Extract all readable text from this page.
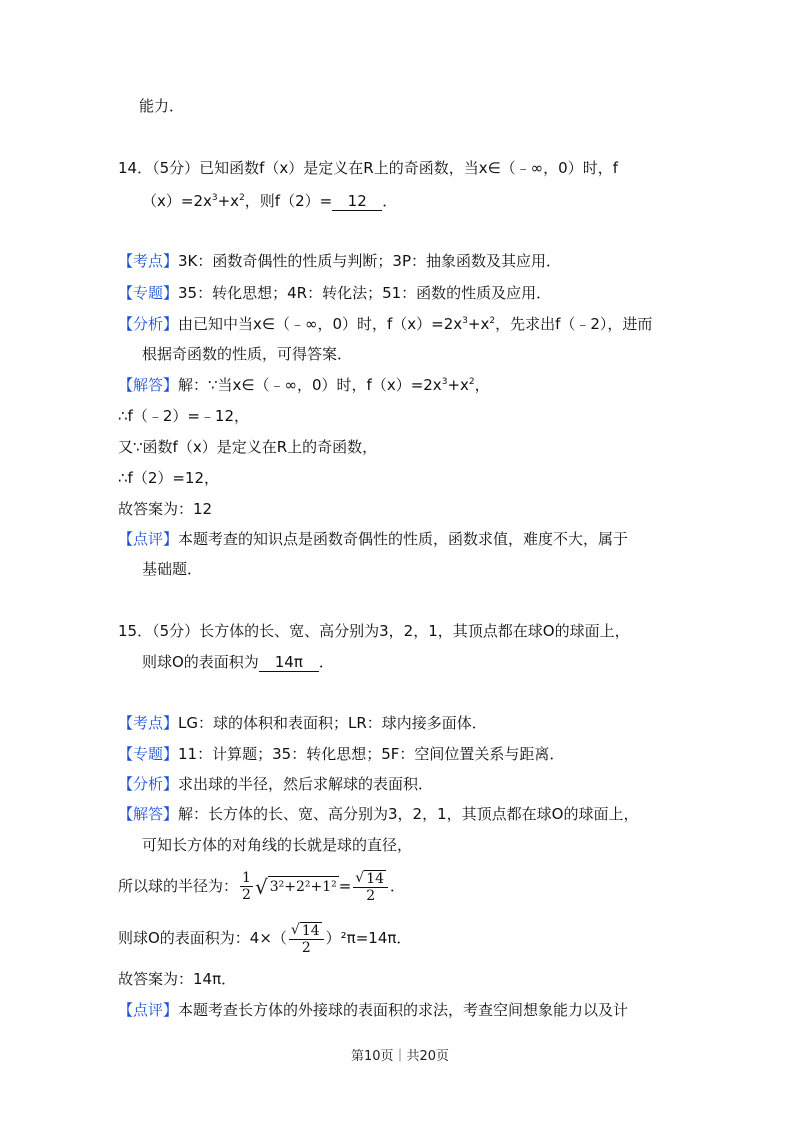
能力．
14．（5分）已知函数f（x）是定义在R上的奇函数，当x∈（﹣∞，0）时，f
$(x)=2x^3+x^2$，则f（2）= 12 ．
【考点】3K：函数奇偶性的性质与判断；3P：抽象函数及其应用．
【专题】35：转化思想；4R：转化法；51：函数的性质及应用．
【分析】由已知中当x∈（﹣∞，0）时，$f(x)=2x^3+x^2$，先求出f（﹣2），进而
根据奇函数的性质，可得答案．
【解答】解：∵当x∈（﹣∞，0）时，$f(x)=2x^3+x^2$，
∴f（﹣2）=﹣12，
又∵函数f（x）是定义在R上的奇函数，
∴f（2）=12，
故答案为：12
【点评】本题考查的知识点是函数奇偶性的性质，函数求值，难度不大，属于
基础题．
15．（5分）长方体的长、宽、高分别为3，2，1，其顶点都在球O的球面上，
则球O的表面积为 14π ．
【考点】LG：球的体积和表面积；LR：球内接多面体．
【专题】11：计算题；35：转化思想；5F：空间位置关系与距离．
【分析】求出球的半径，然后求解球的表面积．
【解答】解：长方体的长、宽、高分别为3，2，1，其顶点都在球O的球面上，
可知长方体的对角线的长就是球的直径，
所以球的半径为： $\frac{1}{2}$ √ $3^2+2^2+1^2 = \frac{√ 14}{2}$ ．
则球O的表面积为：$4\times( \frac{√ 14}{2} )^2\pi=14\pi$．
故答案为：14π．
【点评】本题考查长方体的外接球的表面积的求法，考查空间想象能力以及计
第10页｜共20页
